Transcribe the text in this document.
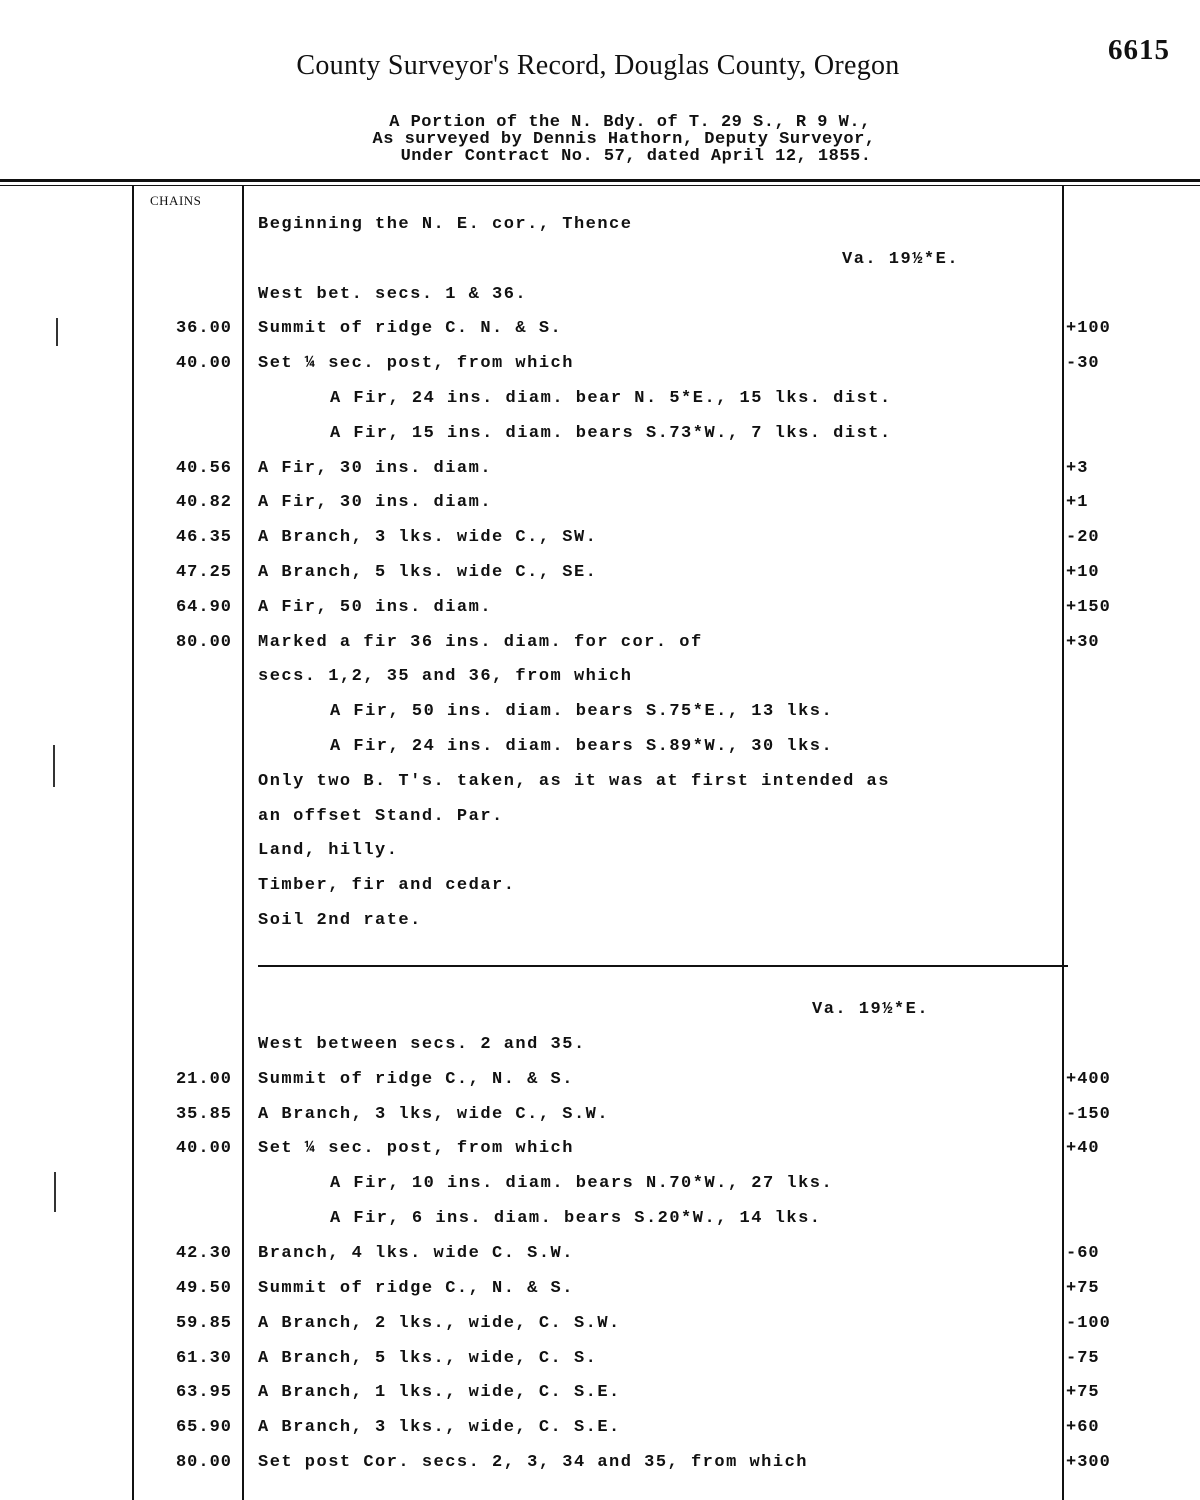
6615
County Surveyor's Record, Douglas County, Oregon
A Portion of the N. Bdy. of T. 29 S., R 9 W.,
As surveyed by Dennis Hathorn, Deputy Surveyor,
Under Contract No. 57, dated April 12, 1855.
CHAINS
Beginning the N. E. cor., Thence
Va. 19½*E.
West bet. secs. 1 & 36.
36.00 Summit of ridge C. N. & S.	+100
40.00 Set ¼ sec. post, from which	-30
A Fir, 24 ins. diam. bear N. 5*E., 15 lks. dist.
A Fir, 15 ins. diam. bears S.73*W., 7 lks. dist.
40.56 A Fir, 30 ins. diam.	+3
40.82 A Fir, 30 ins. diam.	+1
46.35 A Branch, 3 lks. wide C., SW.	-20
47.25 A Branch, 5 lks. wide C., SE.	+10
64.90 A Fir, 50 ins. diam.	+150
80.00 Marked a fir 36 ins. diam. for cor. of	+30
secs. 1,2, 35 and 36, from which
A Fir, 50 ins. diam. bears S.75*E., 13 lks.
A Fir, 24 ins. diam. bears S.89*W., 30 lks.
Only two B. T's. taken, as it was at first intended as
an offset Stand. Par.
Land, hilly.
Timber, fir and cedar.
Soil 2nd rate.
Va. 19½*E.
West between secs. 2 and 35.
21.00 Summit of ridge C., N. & S.	+400
35.85 A Branch, 3 lks, wide C., S.W.	-150
40.00 Set ¼ sec. post, from which	+40
A Fir, 10 ins. diam. bears N.70*W., 27 lks.
A Fir, 6 ins. diam. bears S.20*W., 14 lks.
42.30 Branch, 4 lks. wide C. S.W.	-60
49.50 Summit of ridge C., N. & S.	+75
59.85 A Branch, 2 lks., wide, C. S.W.	-100
61.30 A Branch, 5 lks., wide, C. S.	-75
63.95 A Branch, 1 lks., wide, C. S.E.	+75
65.90 A Branch, 3 lks., wide, C. S.E.	+60
80.00 Set post Cor. secs. 2, 3, 34 and 35, from which	+300
